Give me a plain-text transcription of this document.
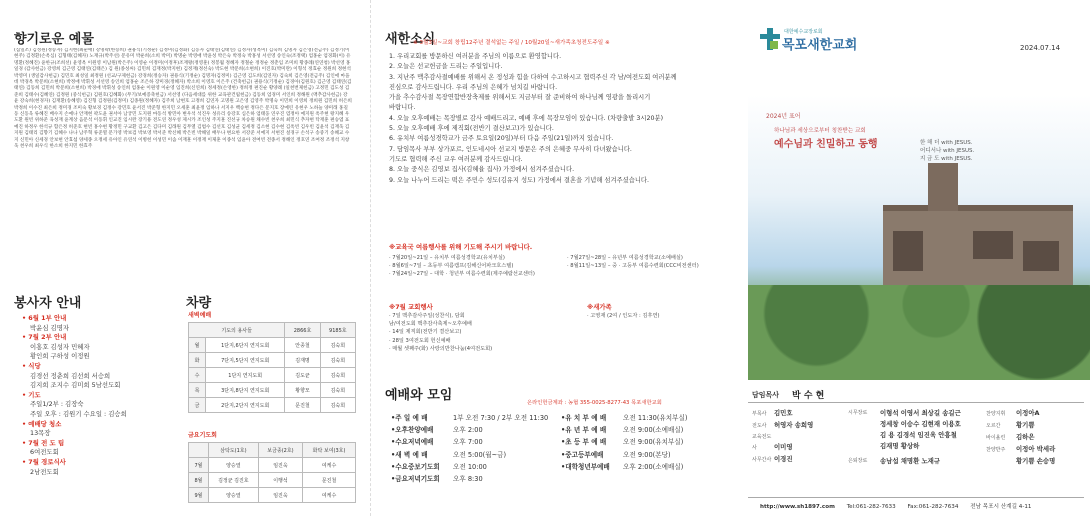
향기로운 예물
(십일조) 김성원(정승자) 김지현(최순애) 강명곽(한승희) 권용식(기정순) 김정미(김정화) 김동자 김태연(김태연) 김정자(성옥미) 김숙희 김명자 김은영(전금주) 김정기(이현주) 김정환(손옥심) 김형태(김혜자) 노재규(박주선) 문유미 박운희(소희 박미) 박명순 박영애 박윤성 박은숙 박정숙 박홍성 서선영 송인숙(조정택) 엄홍순 엄경화(이) 유명환(정혜진) 윤한규(조희선) 윤영옥 이원영 이남원(박은주) 이영순 이정미(이정후)조재왕(정영훈) 정봉월 정혜자 정철순 정정순 정춘임 조미희 황종례(연연청) 박선영 홍일경 (감사헌금) 강영희 김근영 김태연(김태은) 김 원(종성씨) 김민희 김재정(박지현) 김정재(정선숙) 박도현 박문희(소현희) 이진호(박미란) 이형석 정효순 정원희 정현석 박영미 (생일감사헌금) 김민호 최성일 최정원 (선교/구제헌금) 강경희(정승자) 권용식(기정순) 김명자(김정미) 김근영 김도희(김연자) 김숙희 김은영(전금주) 김인애 마을데 박경옥 박문희(소현희) 박정애 박휘성 서선영 송인희 엄홍순 조은하 장미경(정혜자) 박소희 이영호 이은주 (건축헌금) 권용식(기정순) 김경아(김원호) 김근영 김태연(김태연) 김동희 김민희 박문희(소현희) 박경애 박휘성 송인희 엄홍순 이원영 이순영 임진희(신연희) 정세정(손영한) 정희정 편진순 황양례 (일천번제헌금) 고정민 김도성 김준희 김태수(김혜연) 김정원 (중식헌금) 김원호(김혜화) (무기/보예증축헌금) 서선영 (다음세대를 위한 교육관건립헌금) 김동희 엄경미 서인희 정해원 (맥추감사헌금) 강 윤 강숙희(현경자) 김재환(송혜영) 김진형 김정원(김정미) 김종원(정혜자) 김주희 남현호 고정희 김연자 고명원 고은영 김영주 박명숙 이민희 이영희 정희원 김민희 허은희 박정희 이수진 최은희 정미경 조미숙 황보경 김정수 강민호 윤서진 박준형 한지민 오세훈 최윤정 임하나 서지우 백승현 정다은 문지호 장예린 유현우 노하늘 양미래 홍길동 신동욱 류혜진 배수지 손예나 안재현 곽도윤 권서아 남궁민 도지원 마동석 방민아 변우석 석진우 성유리 송강호 심은하 엄태웅 연우진 염정아 예지원 옥주현 왕지혜 우도환 원빈 위하준 육성재 윤계상 음문석 이동휘 인교진 임시완 장기용 전도연 정우성 제시카 조인성 주지훈 진선규 차승원 채수빈 천우희 최민식 추자현 탁재훈 편승엽 표예진 하정우 한석규 함은정 허준호 현빈 홍수현 황정민 구교환 김고은 김다미 김래원 김무열 김범수 김선호 김성균 김세정 김소현 김수현 김옥빈 김우빈 김윤석 김재욱 김지원 김태리 김향기 김혜수 나나 남주혁 류준열 문가영 박보검 박보영 박서준 박신혜 박은빈 박해일 배두나 변요한 서강준 서예지 서현진 설경구 손석구 송중기 송혜교 수지 신민아 신세경 안보현 안효섭 양세종 오정세 유아인 유연석 이병헌 이성민 이솜 이재훈 이정재 이제훈 이종석 임윤아 전여빈 전종서 정해인 정호연 조여정 조정석 지창욱 천우희 최우식 한소희 한지민 한효주
봉사자 안내
• 6월 1부 안내
박윤심 김명자
• 7월 2부 안내
이홍호 김성자 민혜자
황인희 구하성 이정원
• 식당
김경선 정춘희 김선희 서승희
김지희 조지수 김미희 5남선도회
• 기도
주일1/2부 : 김장숙
주일 오후 : 김원기 수요일 : 김승희
• 예배당 청소
13목장
• 7월 전 도 팀
6여전도회
• 7월 경로식사
2남전도회
차량
새벽예배
기도의 용사들		2866호	9185호
월	1단지,6단지 연지도회	안종철	김숙희
화	7단지,5단지 연지도회	김재명	김숙희
수	1단지 연지도회	김도균	김숙희
목	3단지,8단지 연지도회	황향모	김숙희
금	2단지,2단지 연지도회	문진철	김숙희
금요기도회
	삼탁도(1호)	보금종(2호)	화탁 보여(3호)
7월	양승열	임진욱	여케수
8월	김정균 김진호	이행석	문진철
9월	양승열	임진욱	여케수
새한소식
※ 3월3일~교회 창립12주년 결석없는 주일 / 10월20일~새가족초청전도주일 ※
1. 우리교회를 방문하신 여러분을 주님의 이름으로 환영합니다.
2. 오늘은 선교헌금을 드리는 주일입니다.
3. 지난주 맥추감사절예배를 위해서 온 정성과 힘을 다하여 수고하시고 협력주신 각 남/여전도회 여러분께
진심으로 감사드립니다. 우리 주님의 은혜가 넘치길 바랍니다.
가을 추수감사절 목장연합반장축제를 위해서도 지금부터 잘 준비하여 하나님께 영광을 돌리시기
바랍니다.
4. 오늘 오후예배는 목장별로 감사 예배드리고, 예배 후에 목장모임이 있습니다. (차량출발 3시20분)
5. 오늘 오후예배 후에 제직회(전반기 결산보고)가 있습니다.
6. 유치부 여름성경학교가 금주 토요일(20일)부터 다음 주일(21일)까지 있습니다.
7. 담임목사 부부 상가포르, 인도네시아 선교지 방문은 주의 은혜중 무사히 다녀왔습니다.
기도로 협력해 주신 교우 여러분께 감사드립니다.
8. 오늘 중식은 김영보 집사(김혜율 집사) 가정에서 섬겨주셨습니다.
9. 오늘 나누어 드리는 떡은 주민수 성도(김유지 성도) 가정에서 결혼을 기념해 섬겨주셨습니다.
※교육국 여름행사를 위해 기도해 주시기 바랍니다.
· 7월20일~21일 – 유치부 여름성경학교(유치부실)
· 8월6일~7일 – 초등부 여름캠프(김해신어파크호스텔)
· 7월24일~27일 – 대학 · 청년부 여름수련회(제주예람선교센터)
· 7월27일~28일 – 유년부 여름성경학교(소예배실)
· 8월11일~13일 – 중 · 고등부 여름수련회(CCC비전센터)
※7월 교회행사
· 7일 맥추감사주일(성찬식), 담회
남/여전도회 맥추감사축제~오후예배
· 14일 제직회(전반기 결산보고)
· 28일 3여전도회 헌신예배
· 매월 셋째주(화) 사랑의반찬나눔(4여전도회)
※새가족
· 고영재 (2여 / 인도자 : 김후연)
예배와 모임	온라인헌금계좌 : 농협 355-0025-8277-43 목포새한교회
•주 일 예 배	1부 오전 7:30 / 2부 오전 11:30
•오후찬양예배	오후 2:00
•수요저녁예배	오후 7:00
•새 벽 예 배	오전 5:00(월~금)
•수요중보기도회 오전 10:00
•금요저녁기도회 오후 8:30
•유 치 부 예 배	오전 11:30(유치부실)
•유 년 부 예 배	오전 9:00(소예배실)
•초 등 부 예 배	오전 9:00(유치부실)
•중고등부예배	오전 9:00(본당)
•대학청년부예배 오후 2:00(소예배실)
대한예수교장로회
목포새한교회	2024.07.14
2024년 표어
하나님과 세상으로부터 칭찬받는 교회
예수님과 친밀하고 동행	한 해 더 with JESUS.
어디서나 with JESUS.
지 금 도 with JESUS.
담임목사 박 수 현
부목사 김민호
전도사 허영자 송희영
교육전도사	이미영
사무간사 이경진
시무장로	이형석 이영서 최상길 송길근
정세창 이승수 김현재 이용호
김 용 김경석 임진욱 안흥철
김재명 황상하
은퇴장로	송남섭 채명환 노재규
찬양지휘 이정아A
오르간 황기쁨
바이올린 김하은
찬양반주 이정아 박세라
황기쁨 손승명
http://www.sh1897.com Tel:061-282-7633 Fax:061-282-7634 전남 목포시 산계길 4-11
